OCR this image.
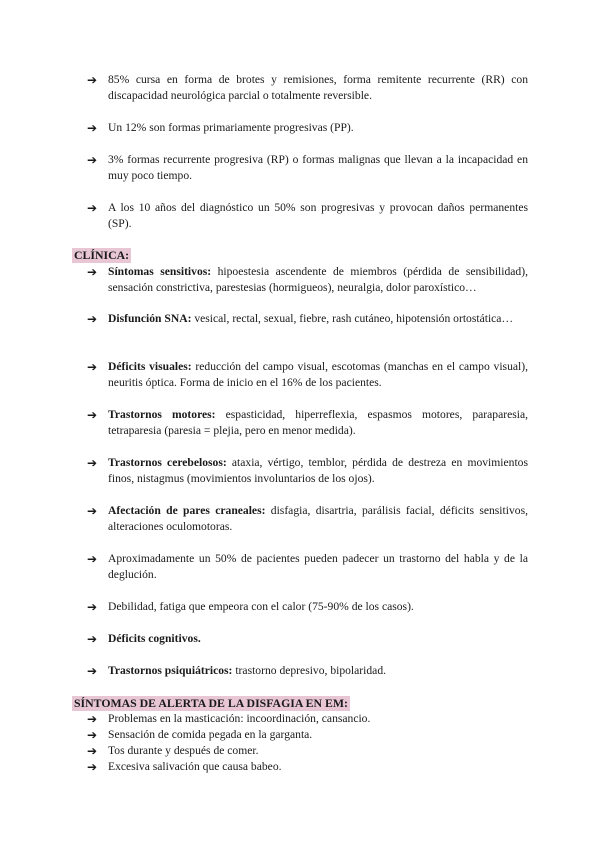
➔ 85% cursa en forma de brotes y remisiones, forma remitente recurrente (RR) con discapacidad neurológica parcial o totalmente reversible.
➔ Un 12% son formas primariamente progresivas (PP).
➔ 3% formas recurrente progresiva (RP) o formas malignas que llevan a la incapacidad en muy poco tiempo.
➔ A los 10 años del diagnóstico un 50% son progresivas y provocan daños permanentes (SP).
CLÍNICA:
➔ Síntomas sensitivos: hipoestesia ascendente de miembros (pérdida de sensibilidad), sensación constrictiva, parestesias (hormigueos), neuralgia, dolor paroxístico…
➔ Disfunción SNA: vesical, rectal, sexual, fiebre, rash cutáneo, hipotensión ortostática…
➔ Déficits visuales: reducción del campo visual, escotomas (manchas en el campo visual), neuritis óptica. Forma de inicio en el 16% de los pacientes.
➔ Trastornos motores: espasticidad, hiperreflexia, espasmos motores, paraparesia, tetraparesia (paresia = plejia, pero en menor medida).
➔ Trastornos cerebelosos: ataxia, vértigo, temblor, pérdida de destreza en movimientos finos, nistagmus (movimientos involuntarios de los ojos).
➔ Afectación de pares craneales: disfagia, disartria, parálisis facial, déficits sensitivos, alteraciones oculomotoras.
➔ Aproximadamente un 50% de pacientes pueden padecer un trastorno del habla y de la deglución.
➔ Debilidad, fatiga que empeora con el calor (75-90% de los casos).
➔ Déficits cognitivos.
➔ Trastornos psiquiátricos: trastorno depresivo, bipolaridad.
SÍNTOMAS DE ALERTA DE LA DISFAGIA EN EM:
➔ Problemas en la masticación: incoordinación, cansancio.
➔ Sensación de comida pegada en la garganta.
➔ Tos durante y después de comer.
➔ Excesiva salivación que causa babeo.
